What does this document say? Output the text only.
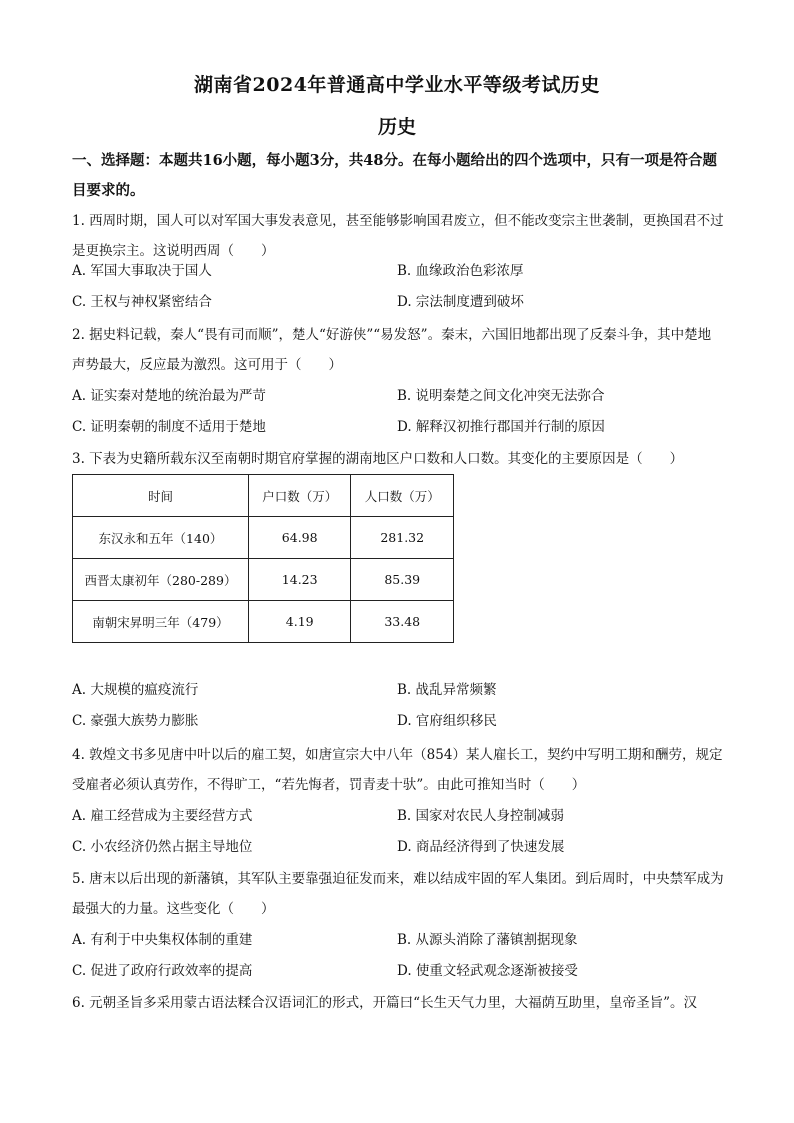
湖南省2024年普通高中学业水平等级考试历史
历史
一、选择题：本题共16小题，每小题3分，共48分。在每小题给出的四个选项中，只有一项是符合题目要求的。
1. 西周时期，国人可以对军国大事发表意见，甚至能够影响国君废立，但不能改变宗主世袭制，更换国君不过是更换宗主。这说明西周（　　）
A. 军国大事取决于国人	B. 血缘政治色彩浓厚
C. 王权与神权紧密结合	D. 宗法制度遭到破坏
2. 据史料记载，秦人“畏有司而顺”，楚人“好游侠”“易发怒”。秦末，六国旧地都出现了反秦斗争，其中楚地声势最大，反应最为激烈。这可用于（　　）
A. 证实秦对楚地的统治最为严苛	B. 说明秦楚之间文化冲突无法弥合
C. 证明秦朝的制度不适用于楚地	D. 解释汉初推行郡国并行制的原因
3. 下表为史籍所载东汉至南朝时期官府掌握的湖南地区户口数和人口数。其变化的主要原因是（　　）
时间	户口数（万）	人口数（万）
东汉永和五年（140）	64.98	281.32
西晋太康初年（280-289）	14.23	85.39
南朝宋昇明三年（479）	4.19	33.48
A. 大规模的瘟疫流行	B. 战乱异常频繁
C. 豪强大族势力膨胀	D. 官府组织移民
4. 敦煌文书多见唐中叶以后的雇工契，如唐宣宗大中八年（854）某人雇长工，契约中写明工期和酬劳，规定受雇者必须认真劳作，不得旷工，“若先悔者，罚青麦十驮”。由此可推知当时（　　）
A. 雇工经营成为主要经营方式	B. 国家对农民人身控制减弱
C. 小农经济仍然占据主导地位	D. 商品经济得到了快速发展
5. 唐末以后出现的新藩镇，其军队主要靠强迫征发而来，难以结成牢固的军人集团。到后周时，中央禁军成为最强大的力量。这些变化（　　）
A. 有利于中央集权体制的重建	B. 从源头消除了藩镇割据现象
C. 促进了政府行政效率的提高	D. 使重文轻武观念逐渐被接受
6. 元朝圣旨多采用蒙古语法糅合汉语词汇的形式，开篇曰“长生天气力里，大福荫互助里，皇帝圣旨”。汉
